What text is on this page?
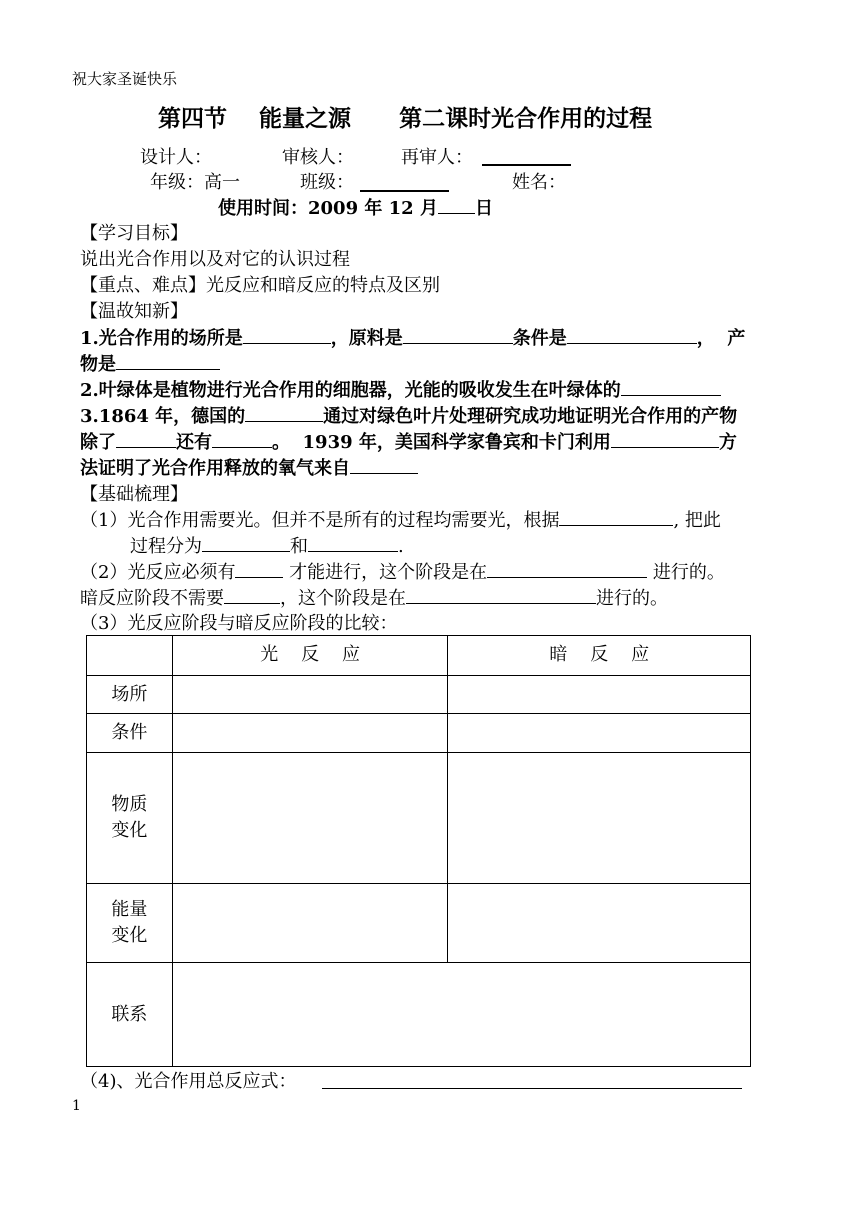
祝大家圣诞快乐
第四节    能量之源      第二课时光合作用的过程
设计人：	审核人：	再审人：
年级：高一	班级：	姓名：
使用时间：2009 年 12 月 日
【学习目标】
说出光合作用以及对它的认识过程
【重点、难点】光反应和暗反应的特点及区别
【温故知新】
1.光合作用的场所是	，原料是	条件是	，  产
物是
2.叶绿体是植物进行光合作用的细胞器，光能的吸收发生在叶绿体的
3.1864 年，德国的	通过对绿色叶片处理研究成功地证明光合作用的产物
除了	还有	。  1939 年，美国科学家鲁宾和卡门利用	方
法证明了光合作用释放的氧气来自
【基础梳理】
（1）光合作用需要光。但并不是所有的过程均需要光，根据	, 把此
过程分为	和	.
（2）光反应必须有	才能进行，这个阶段是在	进行的。
暗反应阶段不需要	，这个阶段是在	进行的。
（3）光反应阶段与暗反应阶段的比较：
	光    反    应	暗    反    应
场所		
条件		
物质
变化		
能量
变化		
联系		
（4)、光合作用总反应式：
1
